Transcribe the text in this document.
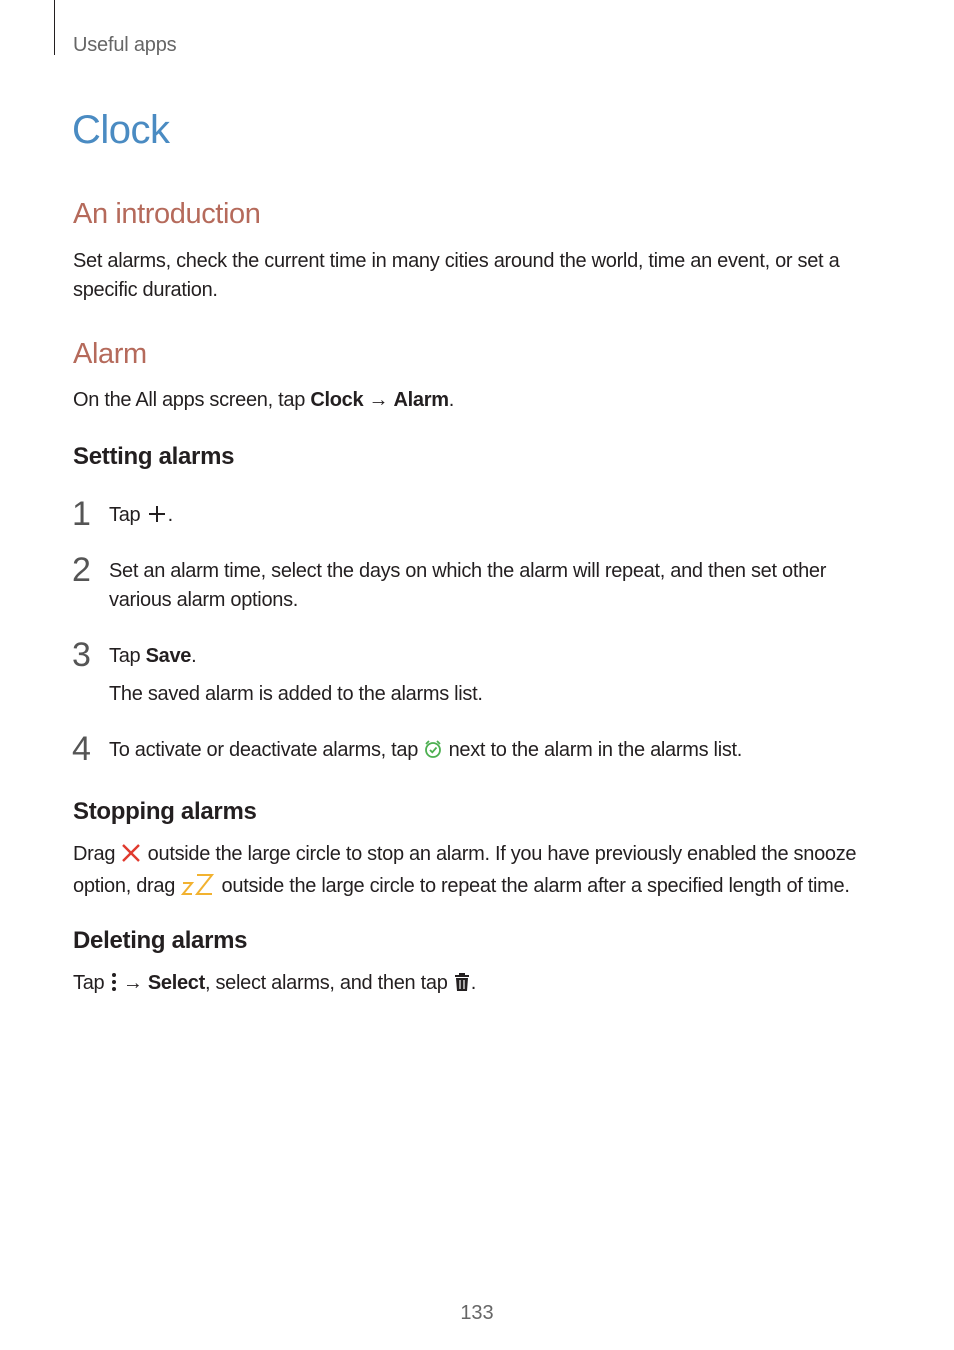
Useful apps
Clock
An introduction

Set alarms, check the current time in many cities around the world, time an event, or set a specific duration.

Alarm

On the All apps screen, tap Clock → Alarm.

Setting alarms
1 Tap .

2 Set an alarm time, select the days on which the alarm will repeat, and then set other various alarm options.

3 Tap Save.

The saved alarm is added to the alarms list.

4 To activate or deactivate alarms, tap  next to the alarm in the alarms list.

Stopping alarms

Drag  outside the large circle to stop an alarm. If you have previously enabled the snooze option, drag  outside the large circle to repeat the alarm after a specified length of time.

Deleting alarms

Tap  → Select, select alarms, and then tap .

133
